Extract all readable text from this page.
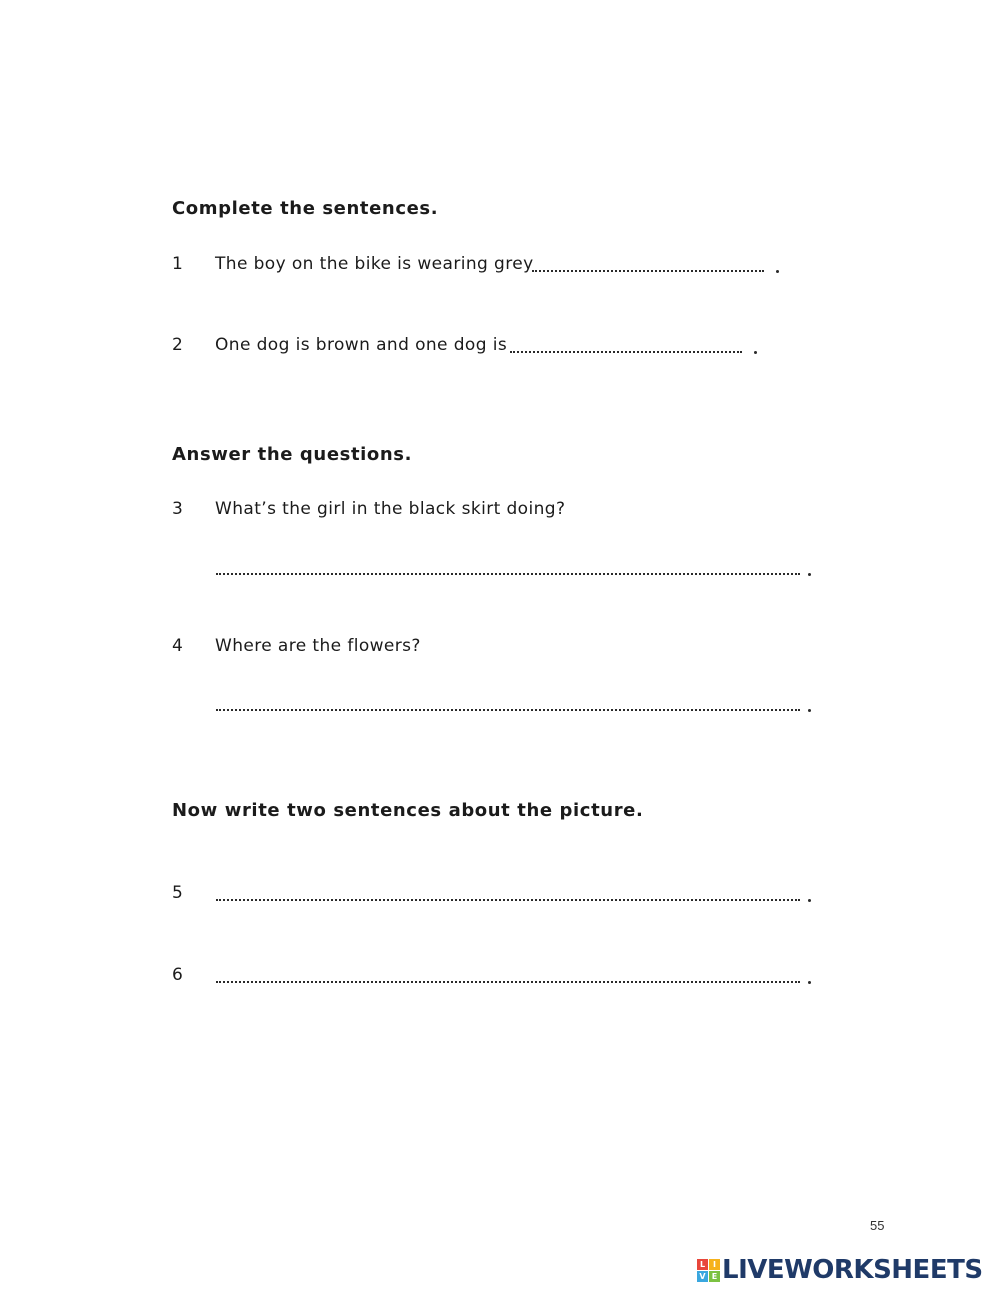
Complete the sentences.
1 The boy on the bike is wearing grey
2 One dog is brown and one dog is
Answer the questions.
3 What’s the girl in the black skirt doing?
4 Where are the flowers?
Now write two sentences about the picture.
5
6
55
L I
V E LIVEWORKSHEETS
